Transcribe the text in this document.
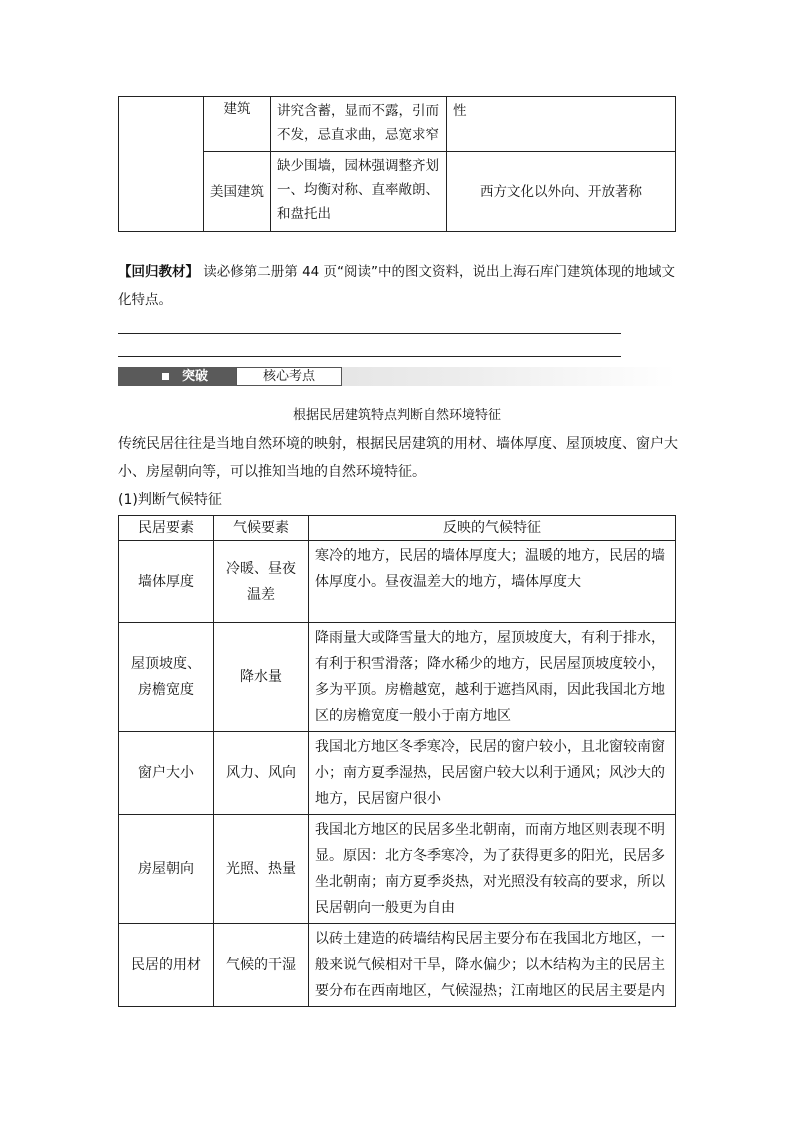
	建筑	讲究含蓄，显而不露，引而不发，忌直求曲，忌宽求窄	性
	美国建筑	缺少围墙，园林强调整齐划一、均衡对称、直率敞朗、和盘托出	西方文化以外向、开放著称
【回归教材】 读必修第二册第 44 页“阅读”中的图文资料，说出上海石库门建筑体现的地域文化特点。
突破	核心考点
根据民居建筑特点判断自然环境特征
传统民居往往是当地自然环境的映射，根据民居建筑的用材、墙体厚度、屋顶坡度、窗户大小、房屋朝向等，可以推知当地的自然环境特征。
(1)判断气候特征
民居要素	气候要素	反映的气候特征
墙体厚度	冷暖、昼夜温差	寒冷的地方，民居的墙体厚度大；温暖的地方，民居的墙体厚度小。昼夜温差大的地方，墙体厚度大
屋顶坡度、房檐宽度	降水量	降雨量大或降雪量大的地方，屋顶坡度大，有利于排水，有利于积雪滑落；降水稀少的地方，民居屋顶坡度较小，多为平顶。房檐越宽，越利于遮挡风雨，因此我国北方地区的房檐宽度一般小于南方地区
窗户大小	风力、风向	我国北方地区冬季寒冷，民居的窗户较小，且北窗较南窗小；南方夏季湿热，民居窗户较大以利于通风；风沙大的地方，民居窗户很小
房屋朝向	光照、热量	我国北方地区的民居多坐北朝南，而南方地区则表现不明显。原因：北方冬季寒冷，为了获得更多的阳光，民居多坐北朝南；南方夏季炎热，对光照没有较高的要求，所以民居朝向一般更为自由
民居的用材	气候的干湿	以砖土建造的砖墙结构民居主要分布在我国北方地区，一般来说气候相对干旱，降水偏少；以木结构为主的民居主要分布在西南地区，气候湿热；江南地区的民居主要是内
